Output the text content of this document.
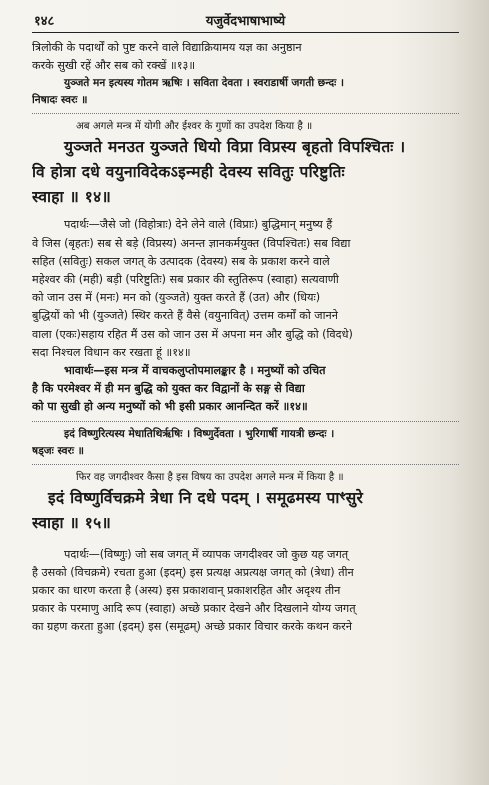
१४८	यजुर्वेदभाषाभाष्ये
त्रिलोकी के पदार्थों को पुष्ट करने वाले विद्याक्रियामय यज्ञ का अनुष्ठान
करके सुखी रहें और सब को रक्खें ॥१३॥
युञ्जते मन इत्यस्य गोतम ऋषिः । सविता देवता । स्वराडार्षी जगती छन्दः ।
निषादः स्वरः ॥
अब अगले मन्त्र में योगी और ईश्वर के गुणों का उपदेश किया है ॥
युञ्जते मनउत युञ्जते धियो विप्रा विप्रस्य बृहतो विपश्चितः ।
वि होत्रा दधे वयुनाविदेकऽइन्मही देवस्य सवितुः परिष्टुतिः
स्वाहा ॥ १४॥
पदार्थः—जैसे जो (विहोत्राः) देने लेने वाले (विप्राः) बुद्धिमान् मनुष्य हैं
वे जिस (बृहतः) सब से बड़े (विप्रस्य) अनन्त ज्ञानकर्मयुक्त (विपश्चितः) सब विद्या
सहित (सवितुः) सकल जगत् के उत्पादक (देवस्य) सब के प्रकाश करने वाले
महेश्वर की (मही) बड़ी (परिष्टुतिः) सब प्रकार की स्तुतिरूप (स्वाहा) सत्यवाणी
को जान उस में (मनः) मन को (युञ्जते) युक्त करते हैं (उत) और (धियः)
बुद्धियों को भी (युञ्जते) स्थिर करते हैं वैसे (वयुनावित्) उत्तम कर्मों को जानने
वाला (एकः)सहाय रहित मैं उस को जान उस में अपना मन और बुद्धि को (विदधे)
सदा निश्चल विधान कर रखता हूं ॥१४॥
भावार्थः—इस मन्त्र में वाचकलुप्तोपमालङ्कार है । मनुष्यों को उचित
है कि परमेश्वर में ही मन बुद्धि को युक्त कर विद्वानों के सङ्ग से विद्या
को पा सुखी हो अन्य मनुष्यों को भी इसी प्रकार आनन्दित करें ॥१४॥
इदं विष्णुरित्यस्य मेधातिथिर्ऋषिः । विष्णुर्देवता । भुरिगार्षी गायत्री छन्दः ।
षड्जः स्वरः ॥
फिर वह जगदीश्वर कैसा है इस विषय का उपदेश अगले मन्त्र में किया है ॥
इदं विष्णुर्विचक्रमे त्रेधा नि दधे पदम् । समूढमस्य पाꣳसुरे
स्वाहा ॥ १५॥
पदार्थः—(विष्णुः) जो सब जगत् में व्यापक जगदीश्वर जो कुछ यह जगत्
है उसको (विचक्रमे) रचता हुआ (इदम्) इस प्रत्यक्ष अप्रत्यक्ष जगत् को (त्रेधा) तीन
प्रकार का धारण करता है (अस्य) इस प्रकाशवान् प्रकाशरहित और अदृश्य तीन
प्रकार के परमाणु आदि रूप (स्वाहा) अच्छे प्रकार देखने और दिखलाने योग्य जगत्
का ग्रहण करता हुआ (इदम्) इस (समूढम्) अच्छे प्रकार विचार करके कथन करने
